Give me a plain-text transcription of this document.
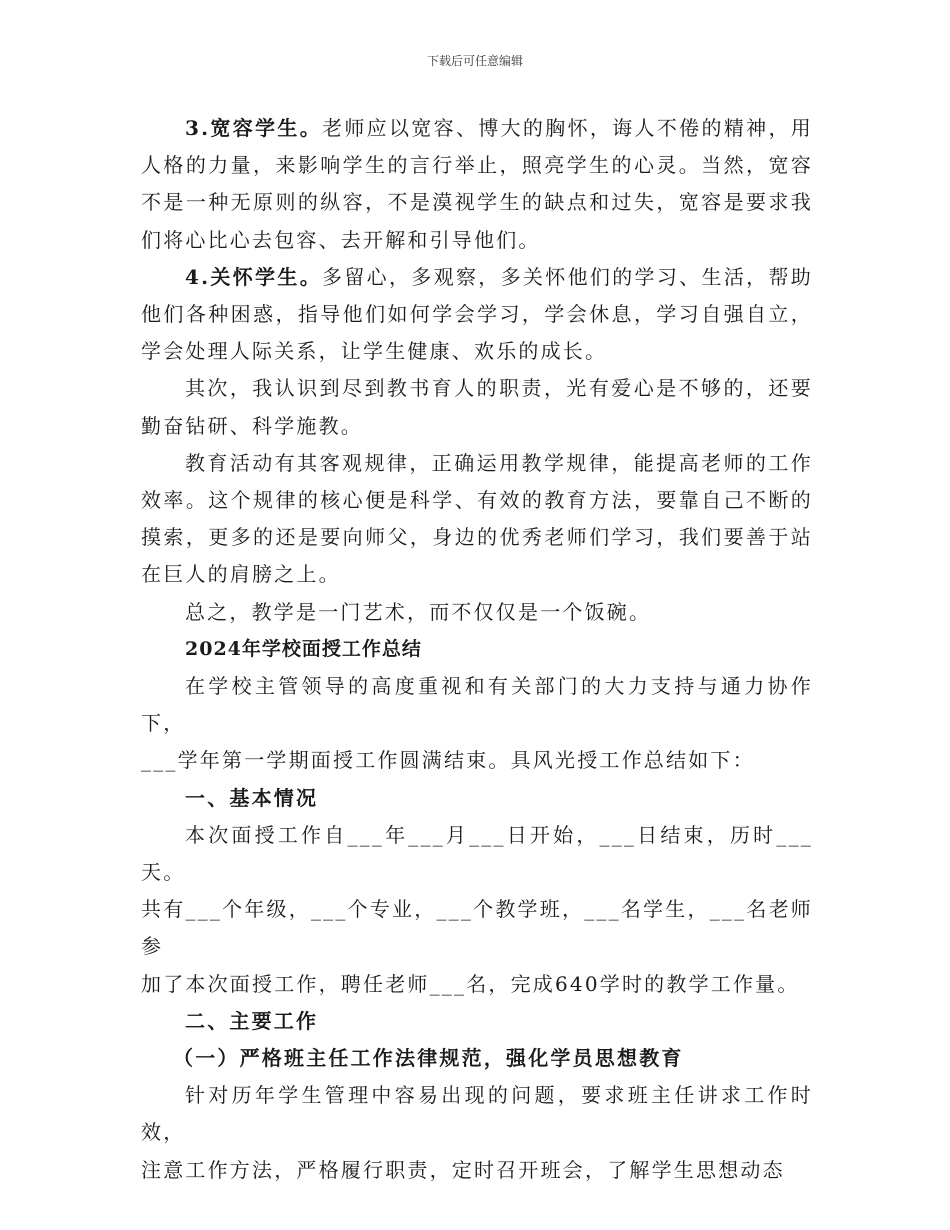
下载后可任意编辑

3.宽容学生。老师应以宽容、博大的胸怀，诲人不倦的精神，用人格的力量，来影响学生的言行举止，照亮学生的心灵。当然，宽容不是一种无原则的纵容，不是漠视学生的缺点和过失，宽容是要求我们将心比心去包容、去开解和引导他们。

4.关怀学生。多留心，多观察，多关怀他们的学习、生活，帮助他们各种困惑，指导他们如何学会学习，学会休息，学习自强自立，学会处理人际关系，让学生健康、欢乐的成长。

其次，我认识到尽到教书育人的职责，光有爱心是不够的，还要勤奋钻研、科学施教。

教育活动有其客观规律，正确运用教学规律，能提高老师的工作效率。这个规律的核心便是科学、有效的教育方法，要靠自己不断的摸索，更多的还是要向师父，身边的优秀老师们学习，我们要善于站在巨人的肩膀之上。

总之，教学是一门艺术，而不仅仅是一个饭碗。

2024年学校面授工作总结

在学校主管领导的高度重视和有关部门的大力支持与通力协作下，

___学年第一学期面授工作圆满结束。具风光授工作总结如下：

一、基本情况

本次面授工作自___年___月___日开始，___日结束，历时___天。

共有___个年级，___个专业，___个教学班，___名学生，___名老师参

加了本次面授工作，聘任老师___名，完成640学时的教学工作量。

二、主要工作

（一）严格班主任工作法律规范，强化学员思想教育

针对历年学生管理中容易出现的问题，要求班主任讲求工作时效，

注意工作方法，严格履行职责，定时召开班会，了解学生思想动态
